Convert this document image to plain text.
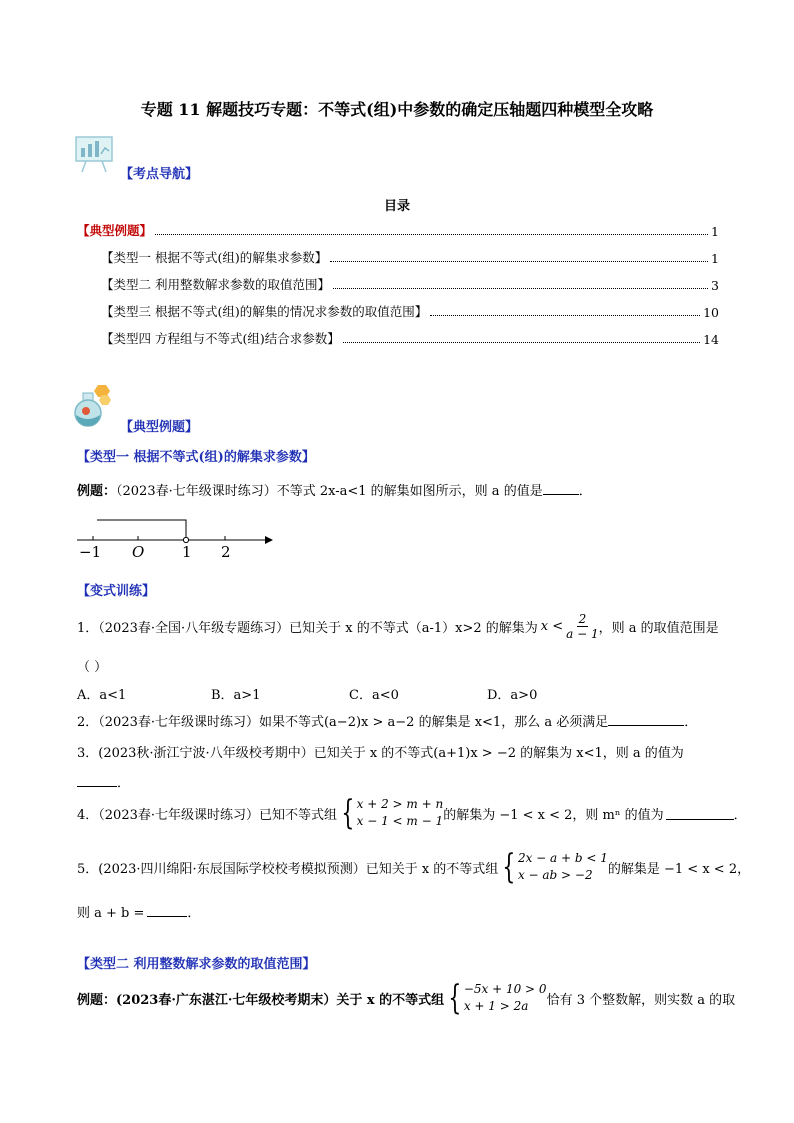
专题 11 解题技巧专题：不等式(组)中参数的确定压轴题四种模型全攻略
【考点导航】
目录
【典型例题】	1
【类型一 根据不等式(组)的解集求参数】	1
【类型二 利用整数解求参数的取值范围】	3
【类型三 根据不等式(组)的解集的情况求参数的取值范围】	10
【类型四 方程组与不等式(组)结合求参数】	14
【典型例题】
【类型一 根据不等式(组)的解集求参数】
例题：（2023春·七年级课时练习）不等式 2x-a<1 的解集如图所示，则 a 的值是	．
−1 O	1 2
【变式训练】
1．（2023春·全国·八年级专题练习）已知关于 x 的不等式（a-1）x>2 的解集为 $x < \frac{2}{a - 1}$ ，则 a 的取值范围是
（ ）
A．a<1	B．a>1	C．a<0	D．a>0
2．（2023春·七年级课时练习）如果不等式(a−2)x > a−2 的解集是 x<1，那么 a 必须满足	．
3．(2023秋·浙江宁波·八年级校考期中）已知关于 x 的不等式(a+1)x > −2 的解集为 x<1，则 a 的值为
．
4．（2023春·七年级课时练习）已知不等式组 { x + 2 > m + n
x − 1 < m − 1 的解集为 −1 < x < 2，则 mⁿ 的值为	．
5．(2023·四川绵阳·东辰国际学校校考模拟预测）已知关于 x 的不等式组 { 2x − a + b < 1
x − ab > −2	的解集是 −1 < x < 2，
则 a + b =	．
【类型二 利用整数解求参数的取值范围】
例题：(2023春·广东湛江·七年级校考期末）关于 x 的不等式组 { −5x + 10 > 0
x + 1 > 2a	恰有 3 个整数解，则实数 a 的取
